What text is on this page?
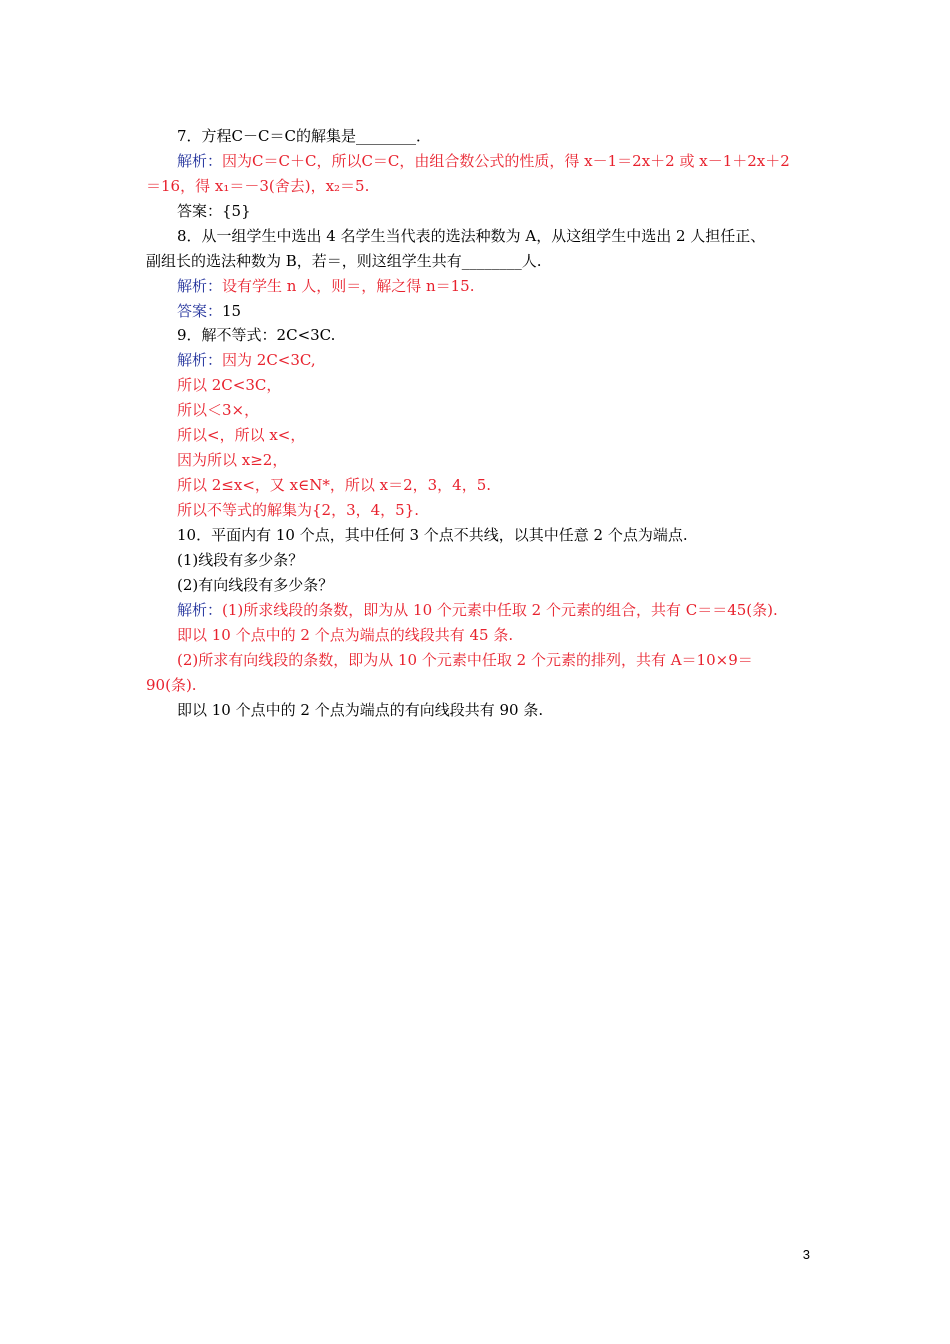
7．方程C－C＝C的解集是________．
解析：因为C＝C＋C，所以C＝C，由组合数公式的性质，得 x－1＝2x＋2 或 x－1＋2x＋2
＝16，得 x₁＝－3(舍去)，x₂＝5.
答案：{5}
8．从一组学生中选出 4 名学生当代表的选法种数为 A，从这组学生中选出 2 人担任正、
副组长的选法种数为 B，若＝，则这组学生共有________人.
解析：设有学生 n 人，则＝，解之得 n＝15.
答案：15
9．解不等式：2C<3C.
解析：因为 2C<3C,
所以 2C<3C，
所以＜3×，
所以<，所以 x<，
因为所以 x≥2，
所以 2≤x<，又 x∈N*，所以 x＝2，3，4，5.
所以不等式的解集为{2，3，4，5}.
10．平面内有 10 个点，其中任何 3 个点不共线，以其中任意 2 个点为端点.
(1)线段有多少条？
(2)有向线段有多少条？
解析：(1)所求线段的条数，即为从 10 个元素中任取 2 个元素的组合，共有 C＝＝45(条).
即以 10 个点中的 2 个点为端点的线段共有 45 条.
(2)所求有向线段的条数，即为从 10 个元素中任取 2 个元素的排列，共有 A＝10×9＝
90(条).
即以 10 个点中的 2 个点为端点的有向线段共有 90 条.
3
